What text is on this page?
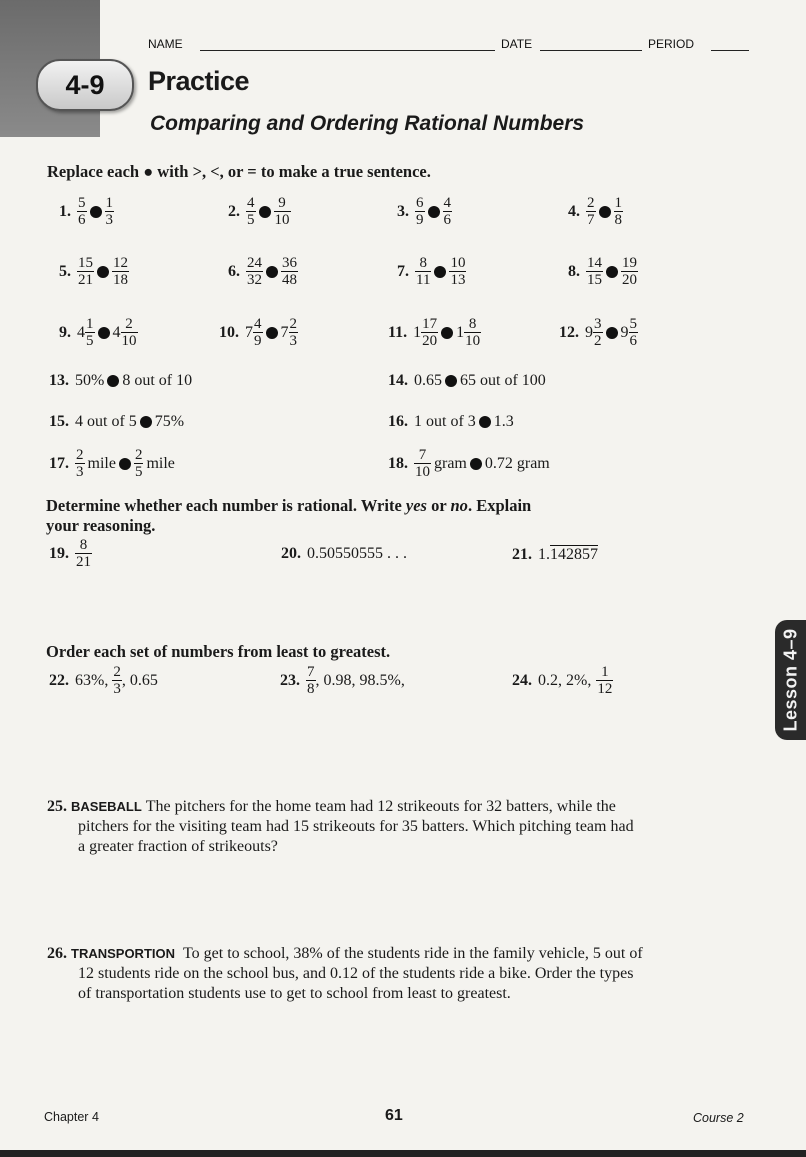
4-9
NAME	DATE	PERIOD
Practice
Comparing and Ordering Rational Numbers
Replace each ● with >, <, or = to make a true sentence.
1. $\frac{5}{6} \frac{1}{3}$	2. $\frac{4}{5} \frac{9}{10}$	3. $\frac{6}{9} \frac{4}{6}$	4. $\frac{2}{7} \frac{1}{8}$
5. $\frac{15}{21} \frac{12}{18}$	6. $\frac{24}{32} \frac{36}{48}$	7. $\frac{8}{11} \frac{10}{13}$	8. $\frac{14}{15} \frac{19}{20}$
9. $4 \frac{1}{5} 4 \frac{2}{10}$	10. $7 \frac{4}{9} 7 \frac{2}{3}$	11. $1 \frac{17}{20} 1 \frac{8}{10}$	12. $9 \frac{3}{2} 9 \frac{5}{6}$
13. 50% 8 out of 10	14. 0.65 65 out of 100
15. 4 out of 5 75%	16. 1 out of 3 1.3
17. $\frac{2}{3}$ mile $\frac{2}{5}$ mile	18. $\frac{7}{10}$ gram 0.72 gram
Determine whether each number is rational. Write yes or no. Explain
your reasoning.
19. $\frac{8}{21}$	20. 0.50550555 . . .	21. 1. 142857
Order each set of numbers from least to greatest.
22. 63%, $\frac{2}{3}$ , 0.65	23. $\frac{7}{8}$ , 0.98, 98.5%,	24. 0.2, 2%, $\frac{1}{12}$
25. BASEBALL The pitchers for the home team had 12 strikeouts for 32 batters, while the
pitchers for the visiting team had 15 strikeouts for 35 batters. Which pitching team had
a greater fraction of strikeouts?
26. TRANSPORTION To get to school, 38% of the students ride in the family vehicle, 5 out of
12 students ride on the school bus, and 0.12 of the students ride a bike. Order the types
of transportation students use to get to school from least to greatest.
Lesson 4–9
Chapter 4	61	Course 2
